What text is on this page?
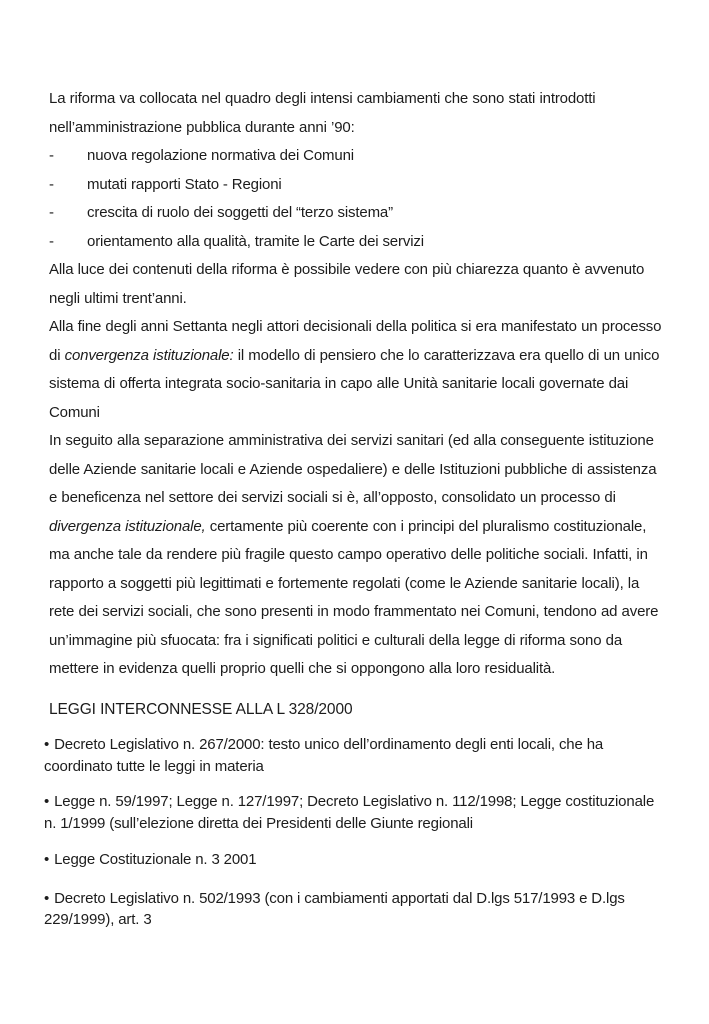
La riforma va collocata nel quadro degli intensi cambiamenti che sono stati introdotti nell’amministrazione pubblica durante anni ’90:

-	nuova regolazione normativa dei Comuni
-	mutati rapporti Stato - Regioni
-	crescita di ruolo dei soggetti del “terzo sistema”
-	orientamento alla qualità, tramite le Carte dei servizi

Alla luce dei contenuti della riforma è possibile vedere con più chiarezza quanto è avvenuto negli ultimi trent’anni.

Alla fine degli anni Settanta negli attori decisionali della politica si era manifestato un processo di convergenza istituzionale: il modello di pensiero che lo caratterizzava era quello di un unico sistema di offerta integrata socio-sanitaria in capo alle Unità sanitarie locali governate dai Comuni

In seguito alla separazione amministrativa dei servizi sanitari (ed alla conseguente istituzione delle Aziende sanitarie locali e Aziende ospedaliere) e delle Istituzioni pubbliche di assistenza e beneficenza nel settore dei servizi sociali si è, all’opposto, consolidato un processo di divergenza istituzionale, certamente più coerente con i principi del pluralismo costituzionale, ma anche tale da rendere più fragile questo campo operativo delle politiche sociali. Infatti, in rapporto a soggetti più legittimati e fortemente regolati (come le Aziende sanitarie locali), la rete dei servizi sociali, che sono presenti in modo frammentato nei Comuni, tendono ad avere un’immagine più sfuocata: fra i significati politici e culturali della legge di riforma sono da mettere in evidenza quelli proprio quelli che si oppongono alla loro residualità.

LEGGI INTERCONNESSE ALLA L 328/2000

• Decreto Legislativo n. 267/2000: testo unico dell’ordinamento degli enti locali, che ha coordinato tutte le leggi in materia

• Legge n. 59/1997; Legge n. 127/1997; Decreto Legislativo n. 112/1998; Legge costituzionale n. 1/1999 (sull’elezione diretta dei Presidenti delle Giunte regionali

• Legge Costituzionale n. 3 2001

• Decreto Legislativo n. 502/1993 (con i cambiamenti apportati dal D.lgs 517/1993 e D.lgs 229/1999), art. 3
